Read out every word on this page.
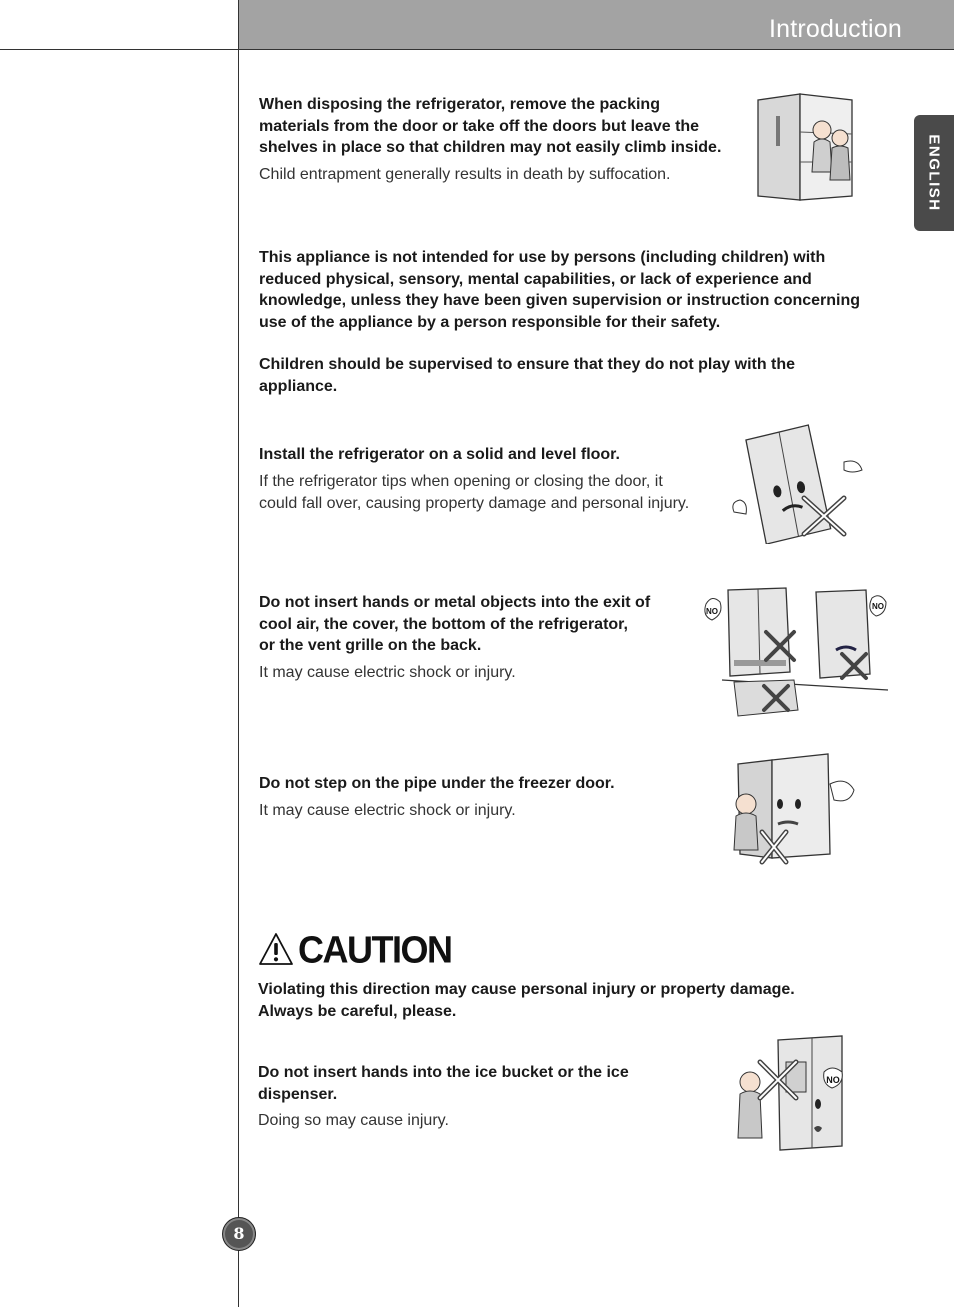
Introduction
ENGLISH

When disposing the refrigerator, remove the packing

materials from the door or take off the doors but leave the

shelves in place so that children may not easily climb inside.

Child entrapment generally results in death by suffocation.

This appliance is not intended for use by persons (including children) with

reduced physical, sensory, mental capabilities, or lack of experience and

knowledge, unless they have been given supervision or instruction concerning

use of the appliance by a person responsible for their safety.

Children should be supervised to ensure that they do not play with the

appliance.

Install the refrigerator on a solid and level floor.

If the refrigerator tips when opening or closing the door, it

could fall over, causing property damage and personal injury.

Do not insert hands or metal objects into the exit of

cool air, the cover, the bottom of the refrigerator,

or the vent grille on the back.

It may cause electric shock or injury.

NO
NO

Do not step on the pipe under the freezer door.

It may cause electric shock or injury.

CAUTION

Violating this direction may cause personal injury or property damage.

Always be careful, please.

Do not insert hands into the ice bucket or the ice

dispenser.

Doing so may cause injury.

NO
8
